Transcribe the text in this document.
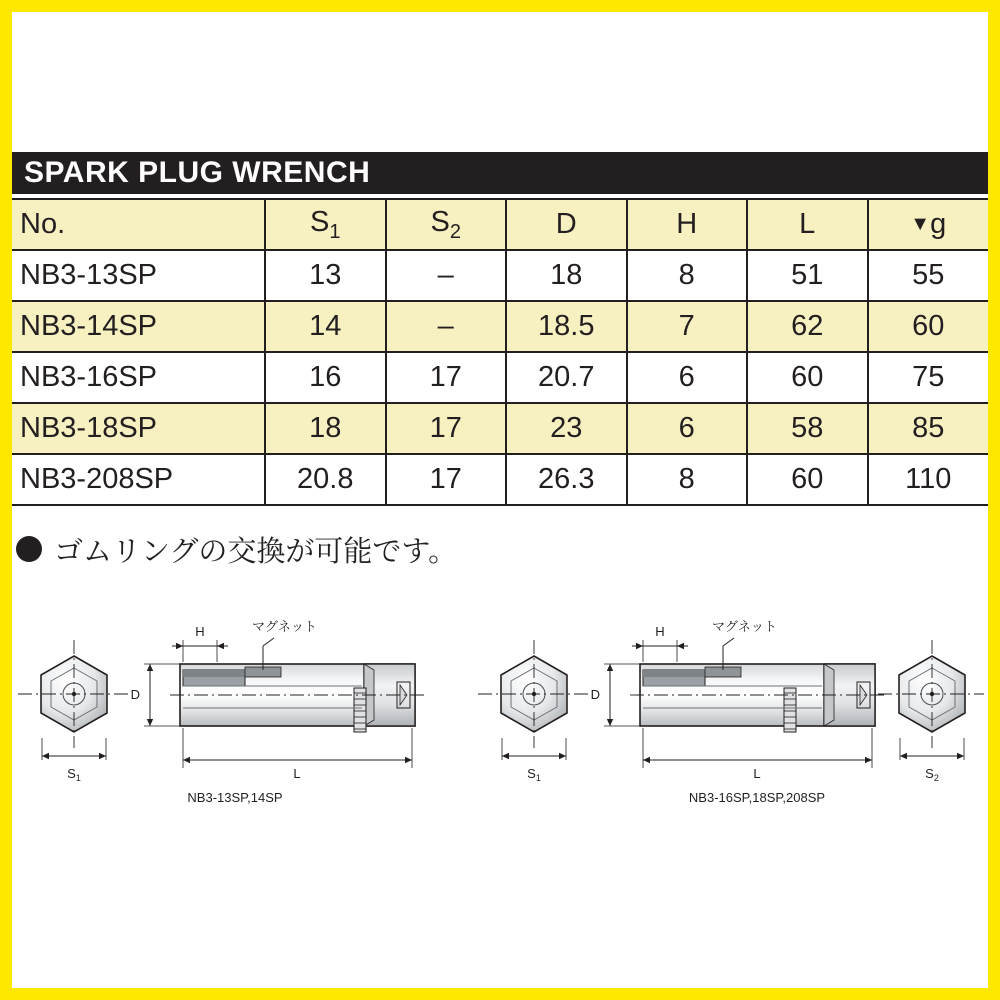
SPARK PLUG WRENCH
No.	$S_1$	$S_2$	D	H	L	▼g
NB3-13SP	13	–	18	8	51	55
NB3-14SP	14	–	18.5	7	62	60
NB3-16SP	16	17	20.7	6	60	75
NB3-18SP	18	17	23	6	58	85
NB3-208SP	20.8	17	26.3	8	60	110
ゴムリングの交換が可能です。
$S_1$
H	マグネット
D
L
NB3-13SP,14SP
$S_1$
H	マグネット
D
L
NB3-16SP,18SP,208SP
$S_2$
